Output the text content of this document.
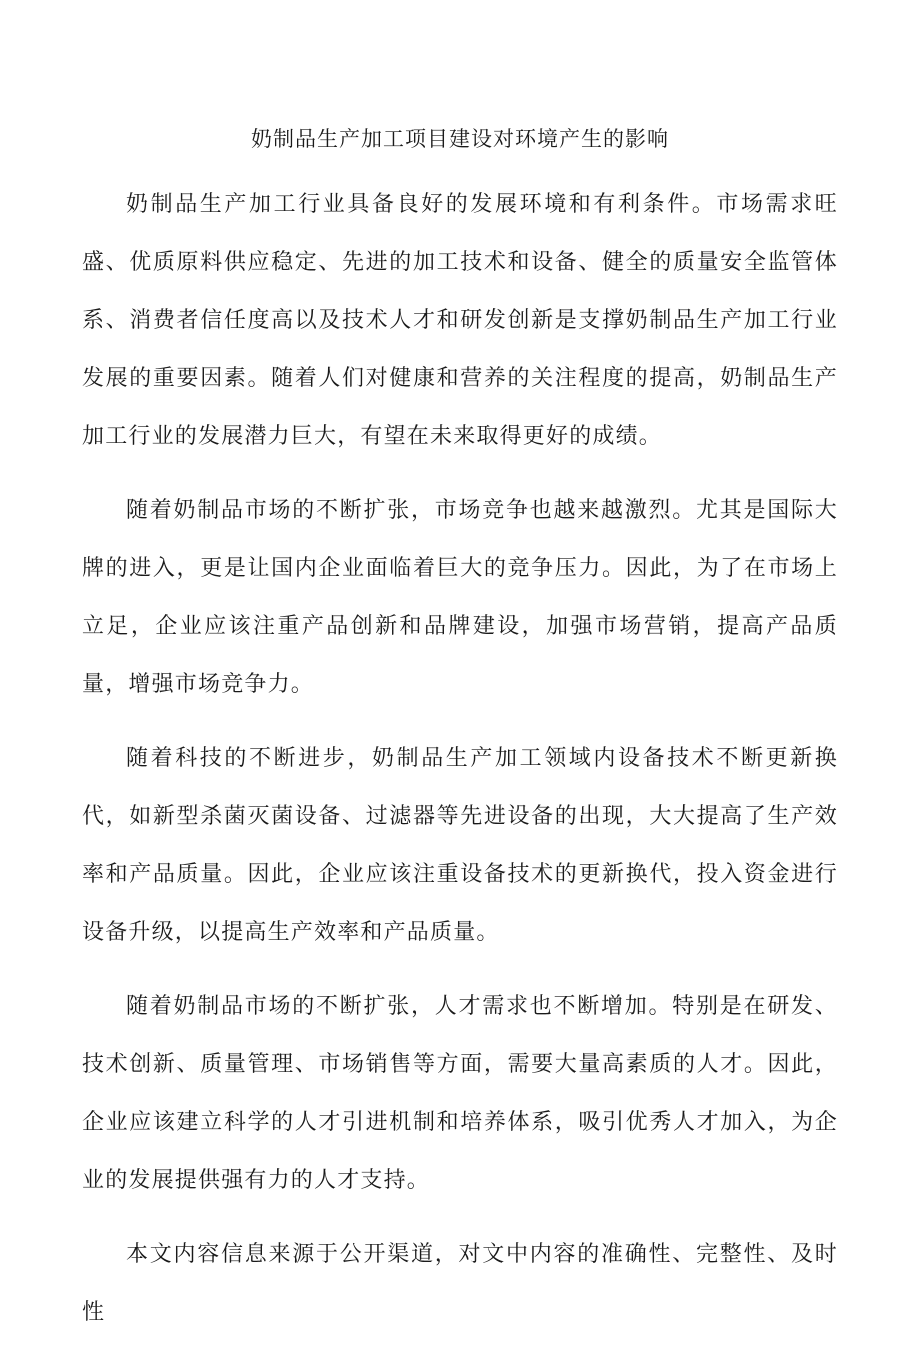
奶制品生产加工项目建设对环境产生的影响

奶制品生产加工行业具备良好的发展环境和有利条件。市场需求旺盛、优质原料供应稳定、先进的加工技术和设备、健全的质量安全监管体系、消费者信任度高以及技术人才和研发创新是支撑奶制品生产加工行业发展的重要因素。随着人们对健康和营养的关注程度的提高，奶制品生产加工行业的发展潜力巨大，有望在未来取得更好的成绩。

随着奶制品市场的不断扩张，市场竞争也越来越激烈。尤其是国际大牌的进入，更是让国内企业面临着巨大的竞争压力。因此，为了在市场上立足，企业应该注重产品创新和品牌建设，加强市场营销，提高产品质量，增强市场竞争力。

随着科技的不断进步，奶制品生产加工领域内设备技术不断更新换代，如新型杀菌灭菌设备、过滤器等先进设备的出现，大大提高了生产效率和产品质量。因此，企业应该注重设备技术的更新换代，投入资金进行设备升级，以提高生产效率和产品质量。

随着奶制品市场的不断扩张，人才需求也不断增加。特别是在研发、技术创新、质量管理、市场销售等方面，需要大量高素质的人才。因此，企业应该建立科学的人才引进机制和培养体系，吸引优秀人才加入，为企业的发展提供强有力的人才支持。

本文内容信息来源于公开渠道，对文中内容的准确性、完整性、及时性
